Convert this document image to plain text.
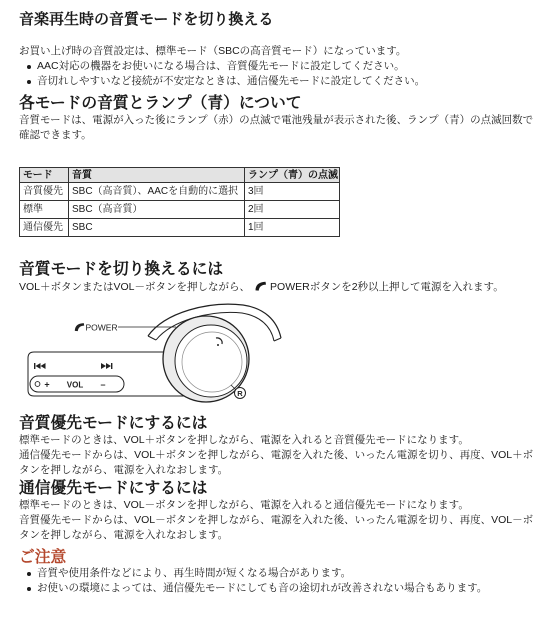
音楽再生時の音質モードを切り換える

お買い上げ時の音質設定は、標準モード（SBCの高音質モード）になっています。

AAC対応の機器をお使いになる場合は、音質優先モードに設定してください。
音切れしやすいなど接続が不安定なときは、通信優先モードに設定してください。
各モードの音質とランプ（青）について

音質モードは、電源が入った後にランプ（赤）の点滅で電池残量が表示された後、ランプ（青）の点滅回数で確認できます。

モード	音質	ランプ（青）の点滅
音質優先	SBC（高音質）、AACを自動的に選択	3回
標準	SBC（高音質）	2回
通信優先	SBC	1回
音質モードを切り換えるには

VOL＋ボタンまたはVOL－ボタンを押しながら、 POWERボタンを2秒以上押して電源を入れます。

+ VOL –
POWER
R
音質優先モードにするには

標準モードのときは、VOL＋ボタンを押しながら、電源を入れると音質優先モードになります。

通信優先モードからは、VOL＋ボタンを押しながら、電源を入れた後、いったん電源を切り、再度、VOL＋ボタンを押しながら、電源を入れなおします。

通信優先モードにするには

標準モードのときは、VOL－ボタンを押しながら、電源を入れると通信優先モードになります。

音質優先モードからは、VOL－ボタンを押しながら、電源を入れた後、いったん電源を切り、再度、VOL－ボタンを押しながら、電源を入れなおします。

ご注意
音質や使用条件などにより、再生時間が短くなる場合があります。
お使いの環境によっては、通信優先モードにしても音の途切れが改善されない場合もあります。
